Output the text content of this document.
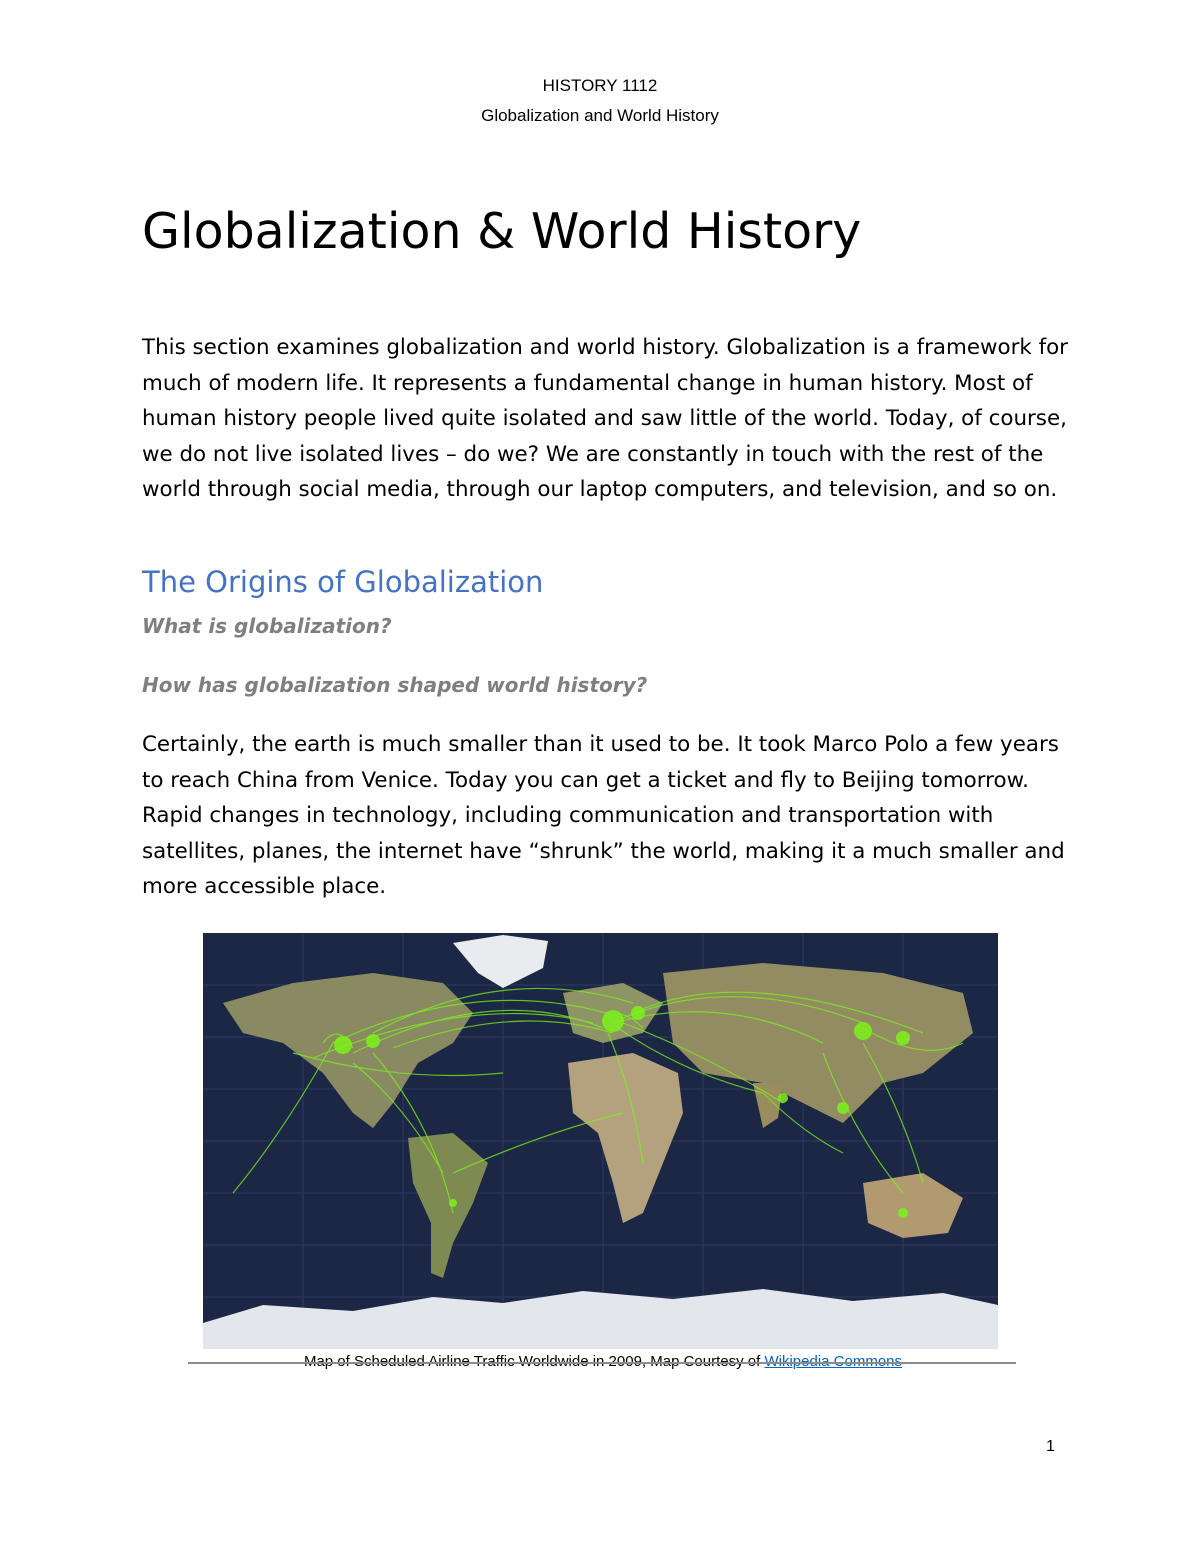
HISTORY 1112
Globalization and World History
Globalization & World History

This section examines globalization and world history. Globalization is a framework for much of modern life. It represents a fundamental change in human history. Most of human history people lived quite isolated and saw little of the world. Today, of course, we do not live isolated lives – do we? We are constantly in touch with the rest of the world through social media, through our laptop computers, and television, and so on.

The Origins of Globalization

What is globalization?

How has globalization shaped world history?

Certainly, the earth is much smaller than it used to be. It took Marco Polo a few years to reach China from Venice. Today you can get a ticket and fly to Beijing tomorrow. Rapid changes in technology, including communication and transportation with satellites, planes, the internet have “shrunk” the world, making it a much smaller and more accessible place.

1
